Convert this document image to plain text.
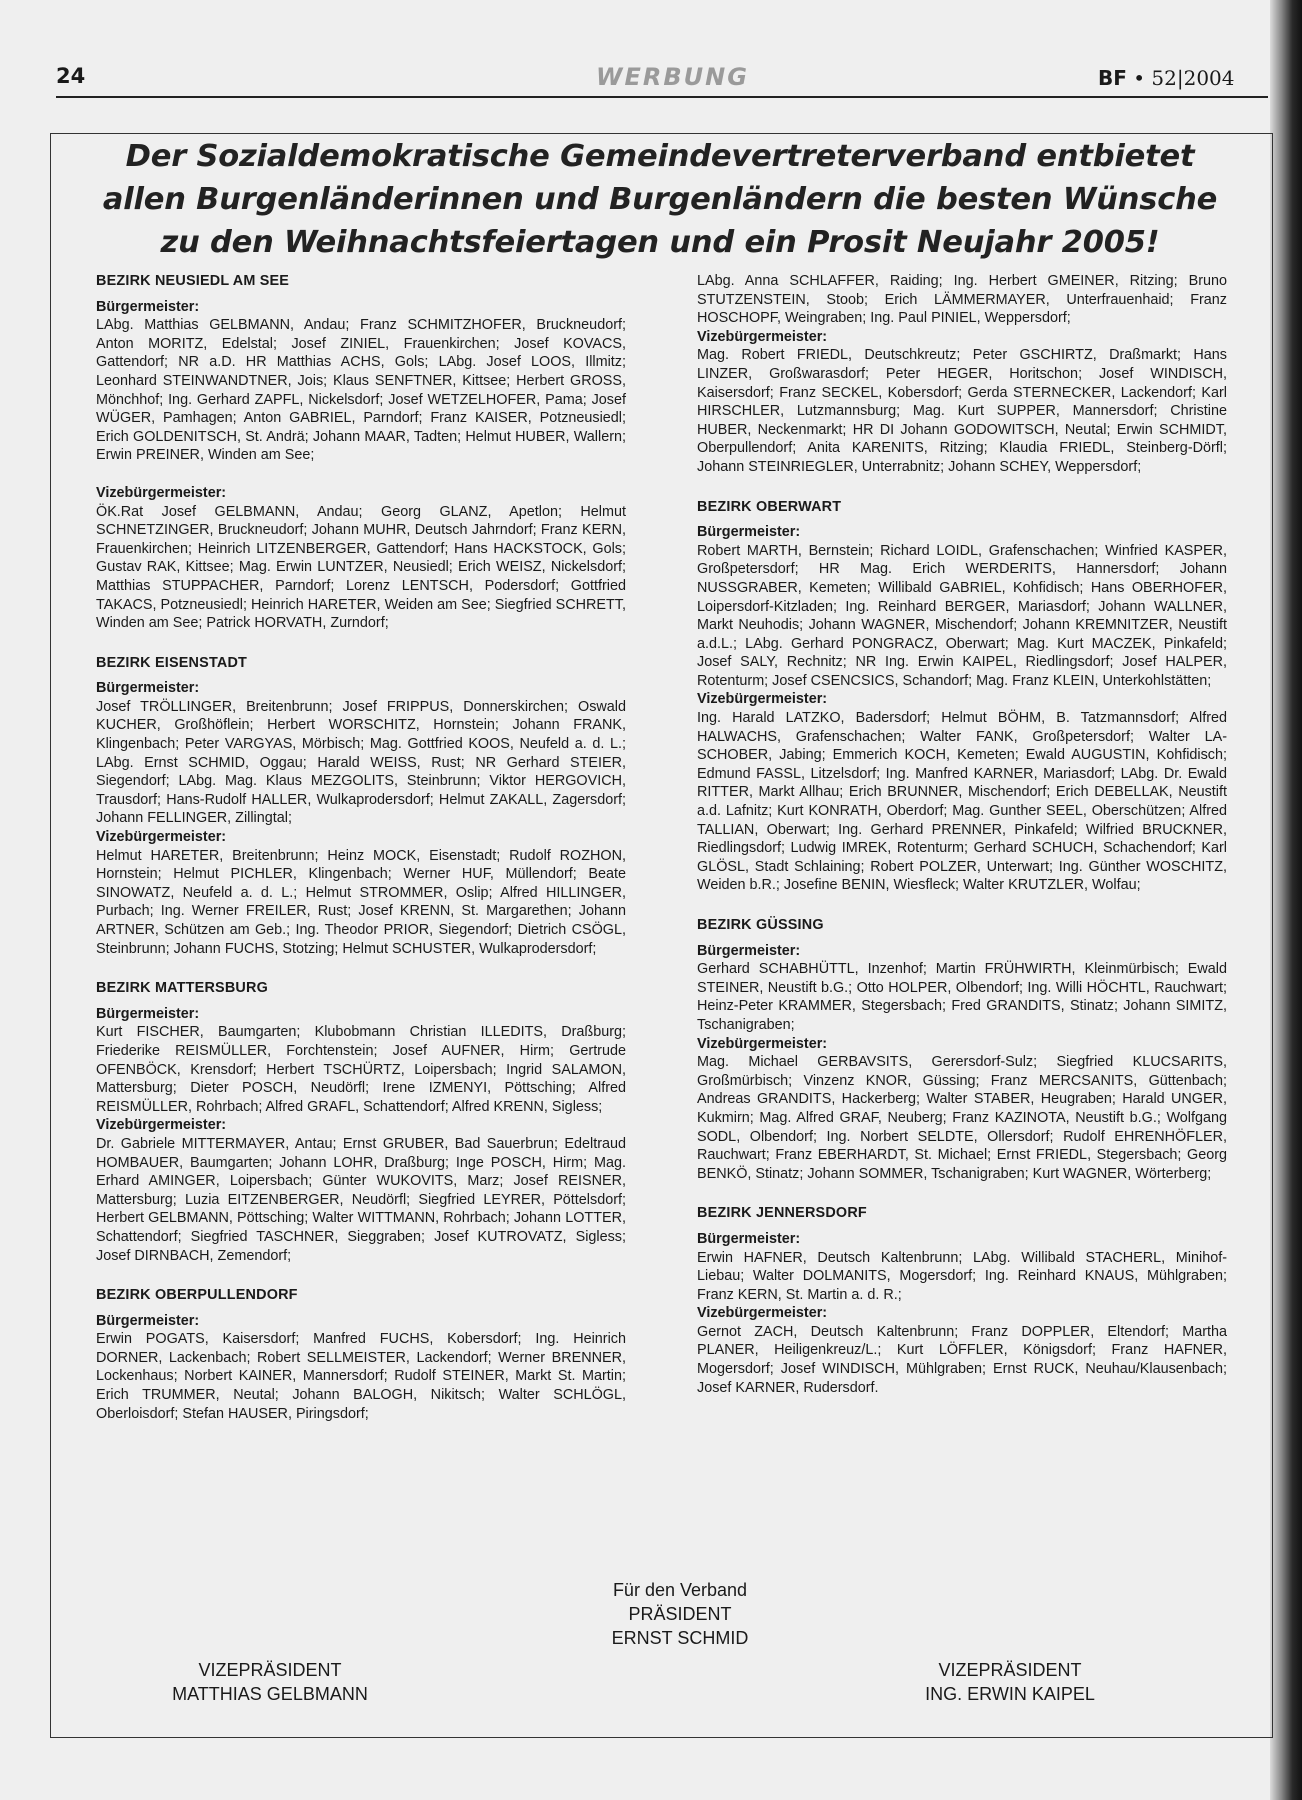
24	WERBUNG	BF • 52|2004
Der Sozialdemokratische Gemeindevertreterverband entbietet
allen Burgenländerinnen und Burgenländern die besten Wünsche
zu den Weihnachtsfeiertagen und ein Prosit Neujahr 2005!
BEZIRK NEUSIEDL AM SEE
Bürgermeister:
LAbg. Matthias GELBMANN, Andau; Franz SCHMITZHOFER, Bruckneudorf; Anton MORITZ, Edelstal; Josef ZINIEL, Frauenkirchen; Josef KOVACS, Gattendorf; NR a.D. HR Matthias ACHS, Gols; LAbg. Josef LOOS, Illmitz; Leonhard STEINWANDTNER, Jois; Klaus SENFTNER, Kittsee; Herbert GROSS, Mönchhof; Ing. Gerhard ZAPFL, Nickelsdorf; Josef WETZELHOFER, Pama; Josef WÜGER, Pamhagen; Anton GABRIEL, Parndorf; Franz KAISER, Potzneusiedl; Erich GOLDENITSCH, St. Andrä; Johann MAAR, Tadten; Helmut HUBER, Wallern; Erwin PREINER, Winden am See;
Vizebürgermeister:
ÖK.Rat Josef GELBMANN, Andau; Georg GLANZ, Apetlon; Helmut SCHNETZINGER, Bruckneudorf; Johann MUHR, Deutsch Jahrndorf; Franz KERN, Frauenkirchen; Heinrich LITZENBERGER, Gattendorf; Hans HACKSTOCK, Gols; Gustav RAK, Kittsee; Mag. Erwin LUNTZER, Neusiedl; Erich WEISZ, Nickelsdorf; Matthias STUPPACHER, Parndorf; Lorenz LENTSCH, Podersdorf; Gottfried TAKACS, Potzneusiedl; Heinrich HARETER, Weiden am See; Siegfried SCHRETT, Winden am See; Patrick HORVATH, Zurndorf;
BEZIRK EISENSTADT
Bürgermeister:
Josef TRÖLLINGER, Breitenbrunn; Josef FRIPPUS, Donnerskirchen; Oswald KUCHER, Großhöflein; Herbert WORSCHITZ, Hornstein; Johann FRANK, Klingenbach; Peter VARGYAS, Mörbisch; Mag. Gottfried KOOS, Neufeld a. d. L.; LAbg. Ernst SCHMID, Oggau; Harald WEISS, Rust; NR Gerhard STEIER, Siegendorf; LAbg. Mag. Klaus MEZGOLITS, Steinbrunn; Viktor HERGOVICH, Trausdorf; Hans-Rudolf HALLER, Wulkaprodersdorf; Helmut ZAKALL, Zagersdorf; Johann FELLINGER, Zillingtal;
Vizebürgermeister:
Helmut HARETER, Breitenbrunn; Heinz MOCK, Eisenstadt; Rudolf ROZHON, Hornstein; Helmut PICHLER, Klingenbach; Werner HUF, Müllendorf; Beate SINOWATZ, Neufeld a. d. L.; Helmut STROMMER, Oslip; Alfred HILLINGER, Purbach; Ing. Werner FREILER, Rust; Josef KRENN, St. Margarethen; Johann ARTNER, Schützen am Geb.; Ing. Theodor PRIOR, Siegendorf; Dietrich CSÖGL, Steinbrunn; Johann FUCHS, Stotzing; Helmut SCHUSTER, Wulkaprodersdorf;
BEZIRK MATTERSBURG
Bürgermeister:
Kurt FISCHER, Baumgarten; Klubobmann Christian ILLEDITS, Draßburg; Friederike REISMÜLLER, Forchtenstein; Josef AUFNER, Hirm; Gertrude OFENBÖCK, Krensdorf; Herbert TSCHÜRTZ, Loipersbach; Ingrid SALAMON, Mattersburg; Dieter POSCH, Neudörfl; Irene IZMENYI, Pöttsching; Alfred REISMÜLLER, Rohrbach; Alfred GRAFL, Schattendorf; Alfred KRENN, Sigless;
Vizebürgermeister:
Dr. Gabriele MITTERMAYER, Antau; Ernst GRUBER, Bad Sauerbrun; Edeltraud HOMBAUER, Baumgarten; Johann LOHR, Draßburg; Inge POSCH, Hirm; Mag. Erhard AMINGER, Loipersbach; Günter WUKOVITS, Marz; Josef REISNER, Mattersburg; Luzia EITZENBERGER, Neudörfl; Siegfried LEYRER, Pöttelsdorf; Herbert GELBMANN, Pöttsching; Walter WITTMANN, Rohrbach; Johann LOTTER, Schattendorf; Siegfried TASCHNER, Sieggraben; Josef KUTROVATZ, Sigless; Josef DIRNBACH, Zemendorf;
BEZIRK OBERPULLENDORF
Bürgermeister:
Erwin POGATS, Kaisersdorf; Manfred FUCHS, Kobersdorf; Ing. Heinrich DORNER, Lackenbach; Robert SELLMEISTER, Lackendorf; Werner BRENNER, Lockenhaus; Norbert KAINER, Mannersdorf; Rudolf STEINER, Markt St. Martin; Erich TRUMMER, Neutal; Johann BALOGH, Nikitsch; Walter SCHLÖGL, Oberloisdorf; Stefan HAUSER, Piringsdorf;
LAbg. Anna SCHLAFFER, Raiding; Ing. Herbert GMEINER, Ritzing; Bruno STUTZENSTEIN, Stoob; Erich LÄMMERMAYER, Unterfrauenhaid; Franz HOSCHOPF, Weingraben; Ing. Paul PINIEL, Weppersdorf;
Vizebürgermeister:
Mag. Robert FRIEDL, Deutschkreutz; Peter GSCHIRTZ, Draßmarkt; Hans LINZER, Großwarasdorf; Peter HEGER, Horitschon; Josef WINDISCH, Kaisersdorf; Franz SECKEL, Kobersdorf; Gerda STERNECKER, Lackendorf; Karl HIRSCHLER, Lutzmannsburg; Mag. Kurt SUPPER, Mannersdorf; Christine HUBER, Neckenmarkt; HR DI Johann GODOWITSCH, Neutal; Erwin SCHMIDT, Oberpullendorf; Anita KARENITS, Ritzing; Klaudia FRIEDL, Steinberg-Dörfl; Johann STEINRIEGLER, Unterrabnitz; Johann SCHEY, Weppersdorf;
BEZIRK OBERWART
Bürgermeister:
Robert MARTH, Bernstein; Richard LOIDL, Grafenschachen; Winfried KASPER, Großpetersdorf; HR Mag. Erich WERDERITS, Hannersdorf; Johann NUSSGRABER, Kemeten; Willibald GABRIEL, Kohfidisch; Hans OBERHOFER, Loipersdorf-Kitzladen; Ing. Reinhard BERGER, Mariasdorf; Johann WALLNER, Markt Neuhodis; Johann WAGNER, Mischendorf; Johann KREMNITZER, Neustift a.d.L.; LAbg. Gerhard PONGRACZ, Oberwart; Mag. Kurt MACZEK, Pinkafeld; Josef SALY, Rechnitz; NR Ing. Erwin KAIPEL, Riedlingsdorf; Josef HALPER, Rotenturm; Josef CSENCSICS, Schandorf; Mag. Franz KLEIN, Unterkohlstätten;
Vizebürgermeister:
Ing. Harald LATZKO, Badersdorf; Helmut BÖHM, B. Tatzmannsdorf; Alfred HALWACHS, Grafenschachen; Walter FANK, Großpetersdorf; Walter LASCHOBER, Jabing; Emmerich KOCH, Kemeten; Ewald AUGUSTIN, Kohfidisch; Edmund FASSL, Litzelsdorf; Ing. Manfred KARNER, Mariasdorf; LAbg. Dr. Ewald RITTER, Markt Allhau; Erich BRUNNER, Mischendorf; Erich DEBELLAK, Neustift a.d. Lafnitz; Kurt KONRATH, Oberdorf; Mag. Gunther SEEL, Oberschützen; Alfred TALLIAN, Oberwart; Ing. Gerhard PRENNER, Pinkafeld; Wilfried BRUCKNER, Riedlingsdorf; Ludwig IMREK, Rotenturm; Gerhard SCHUCH, Schachendorf; Karl GLÖSL, Stadt Schlaining; Robert POLZER, Unterwart; Ing. Günther WOSCHITZ, Weiden b.R.; Josefine BENIN, Wiesfleck; Walter KRUTZLER, Wolfau;
BEZIRK GÜSSING
Bürgermeister:
Gerhard SCHABHÜTTL, Inzenhof; Martin FRÜHWIRTH, Kleinmürbisch; Ewald STEINER, Neustift b.G.; Otto HOLPER, Olbendorf; Ing. Willi HÖCHTL, Rauchwart; Heinz-Peter KRAMMER, Stegersbach; Fred GRANDITS, Stinatz; Johann SIMITZ, Tschanigraben;
Vizebürgermeister:
Mag. Michael GERBAVSITS, Gerersdorf-Sulz; Siegfried KLUCSARITS, Großmürbisch; Vinzenz KNOR, Güssing; Franz MERCSANITS, Güttenbach; Andreas GRANDITS, Hackerberg; Walter STABER, Heugraben; Harald UNGER, Kukmirn; Mag. Alfred GRAF, Neuberg; Franz KAZINOTA, Neustift b.G.; Wolfgang SODL, Olbendorf; Ing. Norbert SELDTE, Ollersdorf; Rudolf EHRENHÖFLER, Rauchwart; Franz EBERHARDT, St. Michael; Ernst FRIEDL, Stegersbach; Georg BENKÖ, Stinatz; Johann SOMMER, Tschanigraben; Kurt WAGNER, Wörterberg;
BEZIRK JENNERSDORF
Bürgermeister:
Erwin HAFNER, Deutsch Kaltenbrunn; LAbg. Willibald STACHERL, Minihof-Liebau; Walter DOLMANITS, Mogersdorf; Ing. Reinhard KNAUS, Mühlgraben; Franz KERN, St. Martin a. d. R.;
Vizebürgermeister:
Gernot ZACH, Deutsch Kaltenbrunn; Franz DOPPLER, Eltendorf; Martha PLANER, Heiligenkreuz/L.; Kurt LÖFFLER, Königsdorf; Franz HAFNER, Mogersdorf; Josef WINDISCH, Mühlgraben; Ernst RUCK, Neuhau/Klausenbach; Josef KARNER, Rudersdorf.
Für den Verband
PRÄSIDENT
ERNST SCHMID
VIZEPRÄSIDENT
MATTHIAS GELBMANN
VIZEPRÄSIDENT
ING. ERWIN KAIPEL
